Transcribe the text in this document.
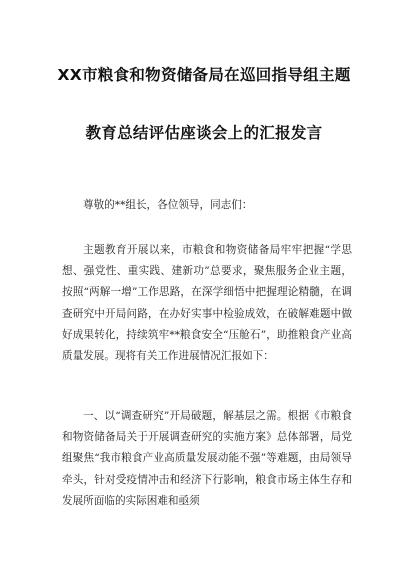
XX市粮食和物资储备局在巡回指导组主题
教育总结评估座谈会上的汇报发言
尊敬的**组长，各位领导，同志们：
主题教育开展以来，市粮食和物资储备局牢牢把握“学思想、强党性、重实践、建新功”总要求，聚焦服务企业主题，按照“两解一增”工作思路，在深学细悟中把握理论精髓，在调查研究中开局问路，在办好实事中检验成效，在破解难题中做好成果转化，持续筑牢**粮食安全“压舱石”，助推粮食产业高质量发展。现将有关工作进展情况汇报如下：
一、以“调查研究”开局破题，解基层之需。根据《市粮食和物资储备局关于开展调查研究的实施方案》总体部署，局党组聚焦“我市粮食产业高质量发展动能不强”等难题，由局领导牵头，针对受疫情冲击和经济下行影响，粮食市场主体生存和发展所面临的实际困难和亟须
